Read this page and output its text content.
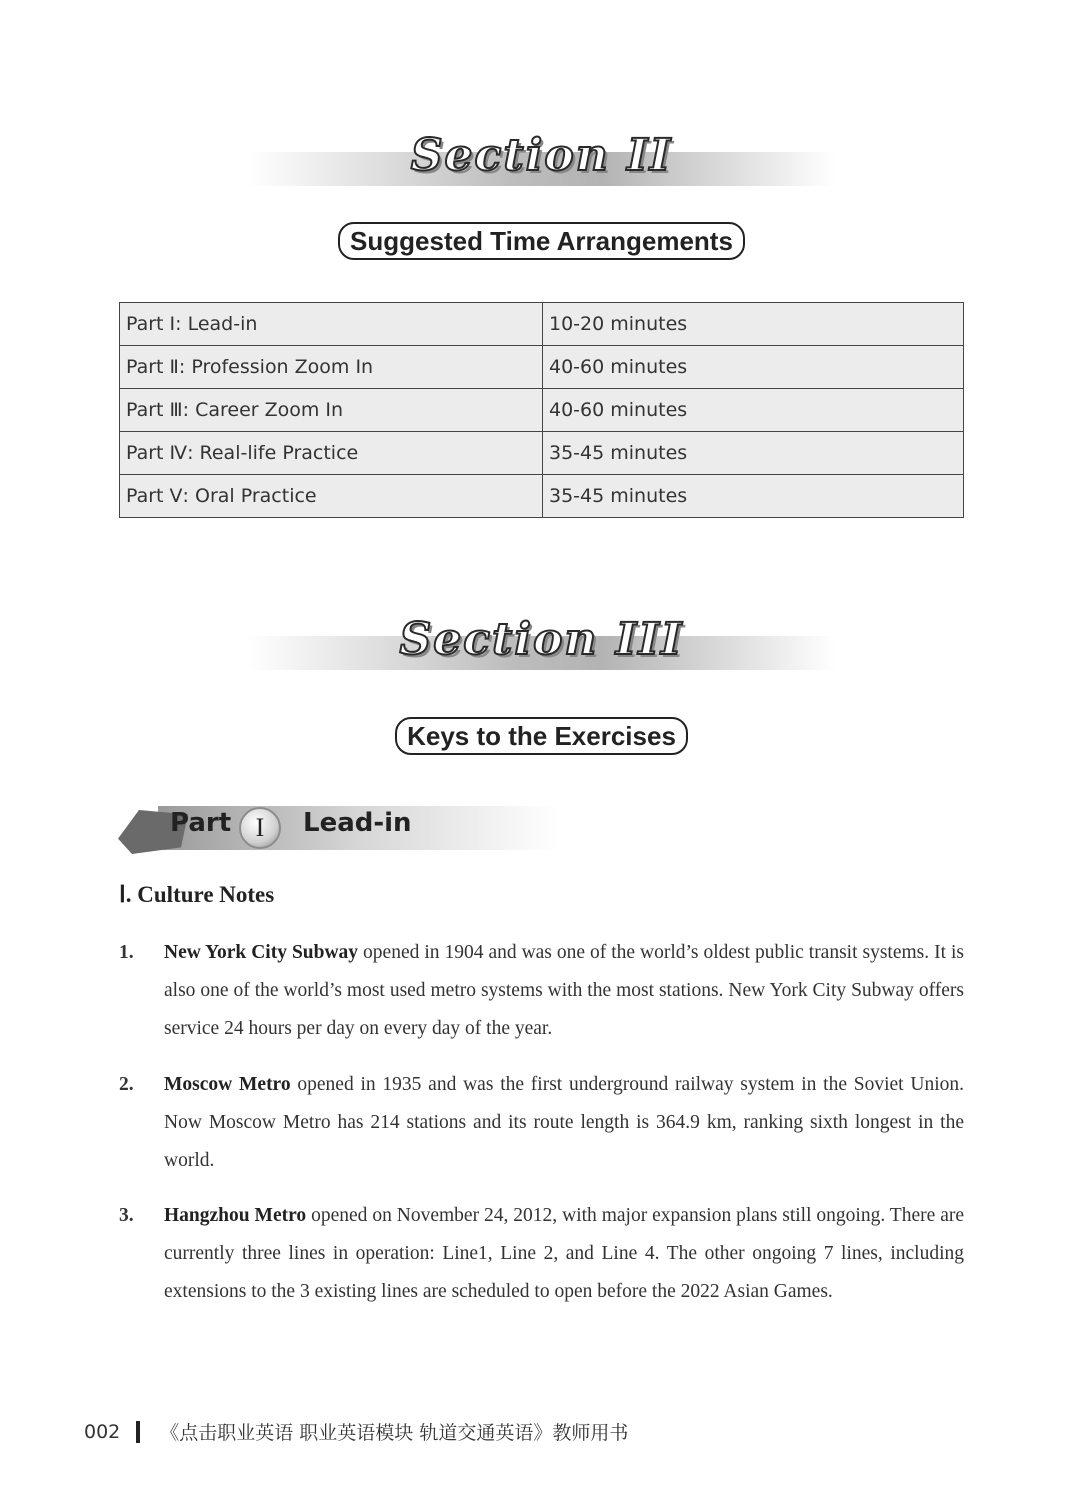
Section II
Suggested Time Arrangements
Part Ⅰ: Lead-in	10-20 minutes
Part Ⅱ: Profession Zoom In	40-60 minutes
Part Ⅲ: Career Zoom In	40-60 minutes
Part Ⅳ: Real-life Practice	35-45 minutes
Part Ⅴ: Oral Practice	35-45 minutes
Section III
Keys to the Exercises
Part I	Lead-in
Ⅰ. Culture Notes
1. New York City Subway opened in 1904 and was one of the world’s oldest public transit systems. It is also one of the world’s most used metro systems with the most stations. New York City Subway offers service 24 hours per day on every day of the year.
2. Moscow Metro opened in 1935 and was the first underground railway system in the Soviet Union. Now Moscow Metro has 214 stations and its route length is 364.9 km, ranking sixth longest in the world.
3. Hangzhou Metro opened on November 24, 2012, with major expansion plans still ongoing. There are currently three lines in operation: Line1, Line 2, and Line 4. The other ongoing 7 lines, including extensions to the 3 existing lines are scheduled to open before the 2022 Asian Games.
002 《点击职业英语 职业英语模块 轨道交通英语》教师用书
